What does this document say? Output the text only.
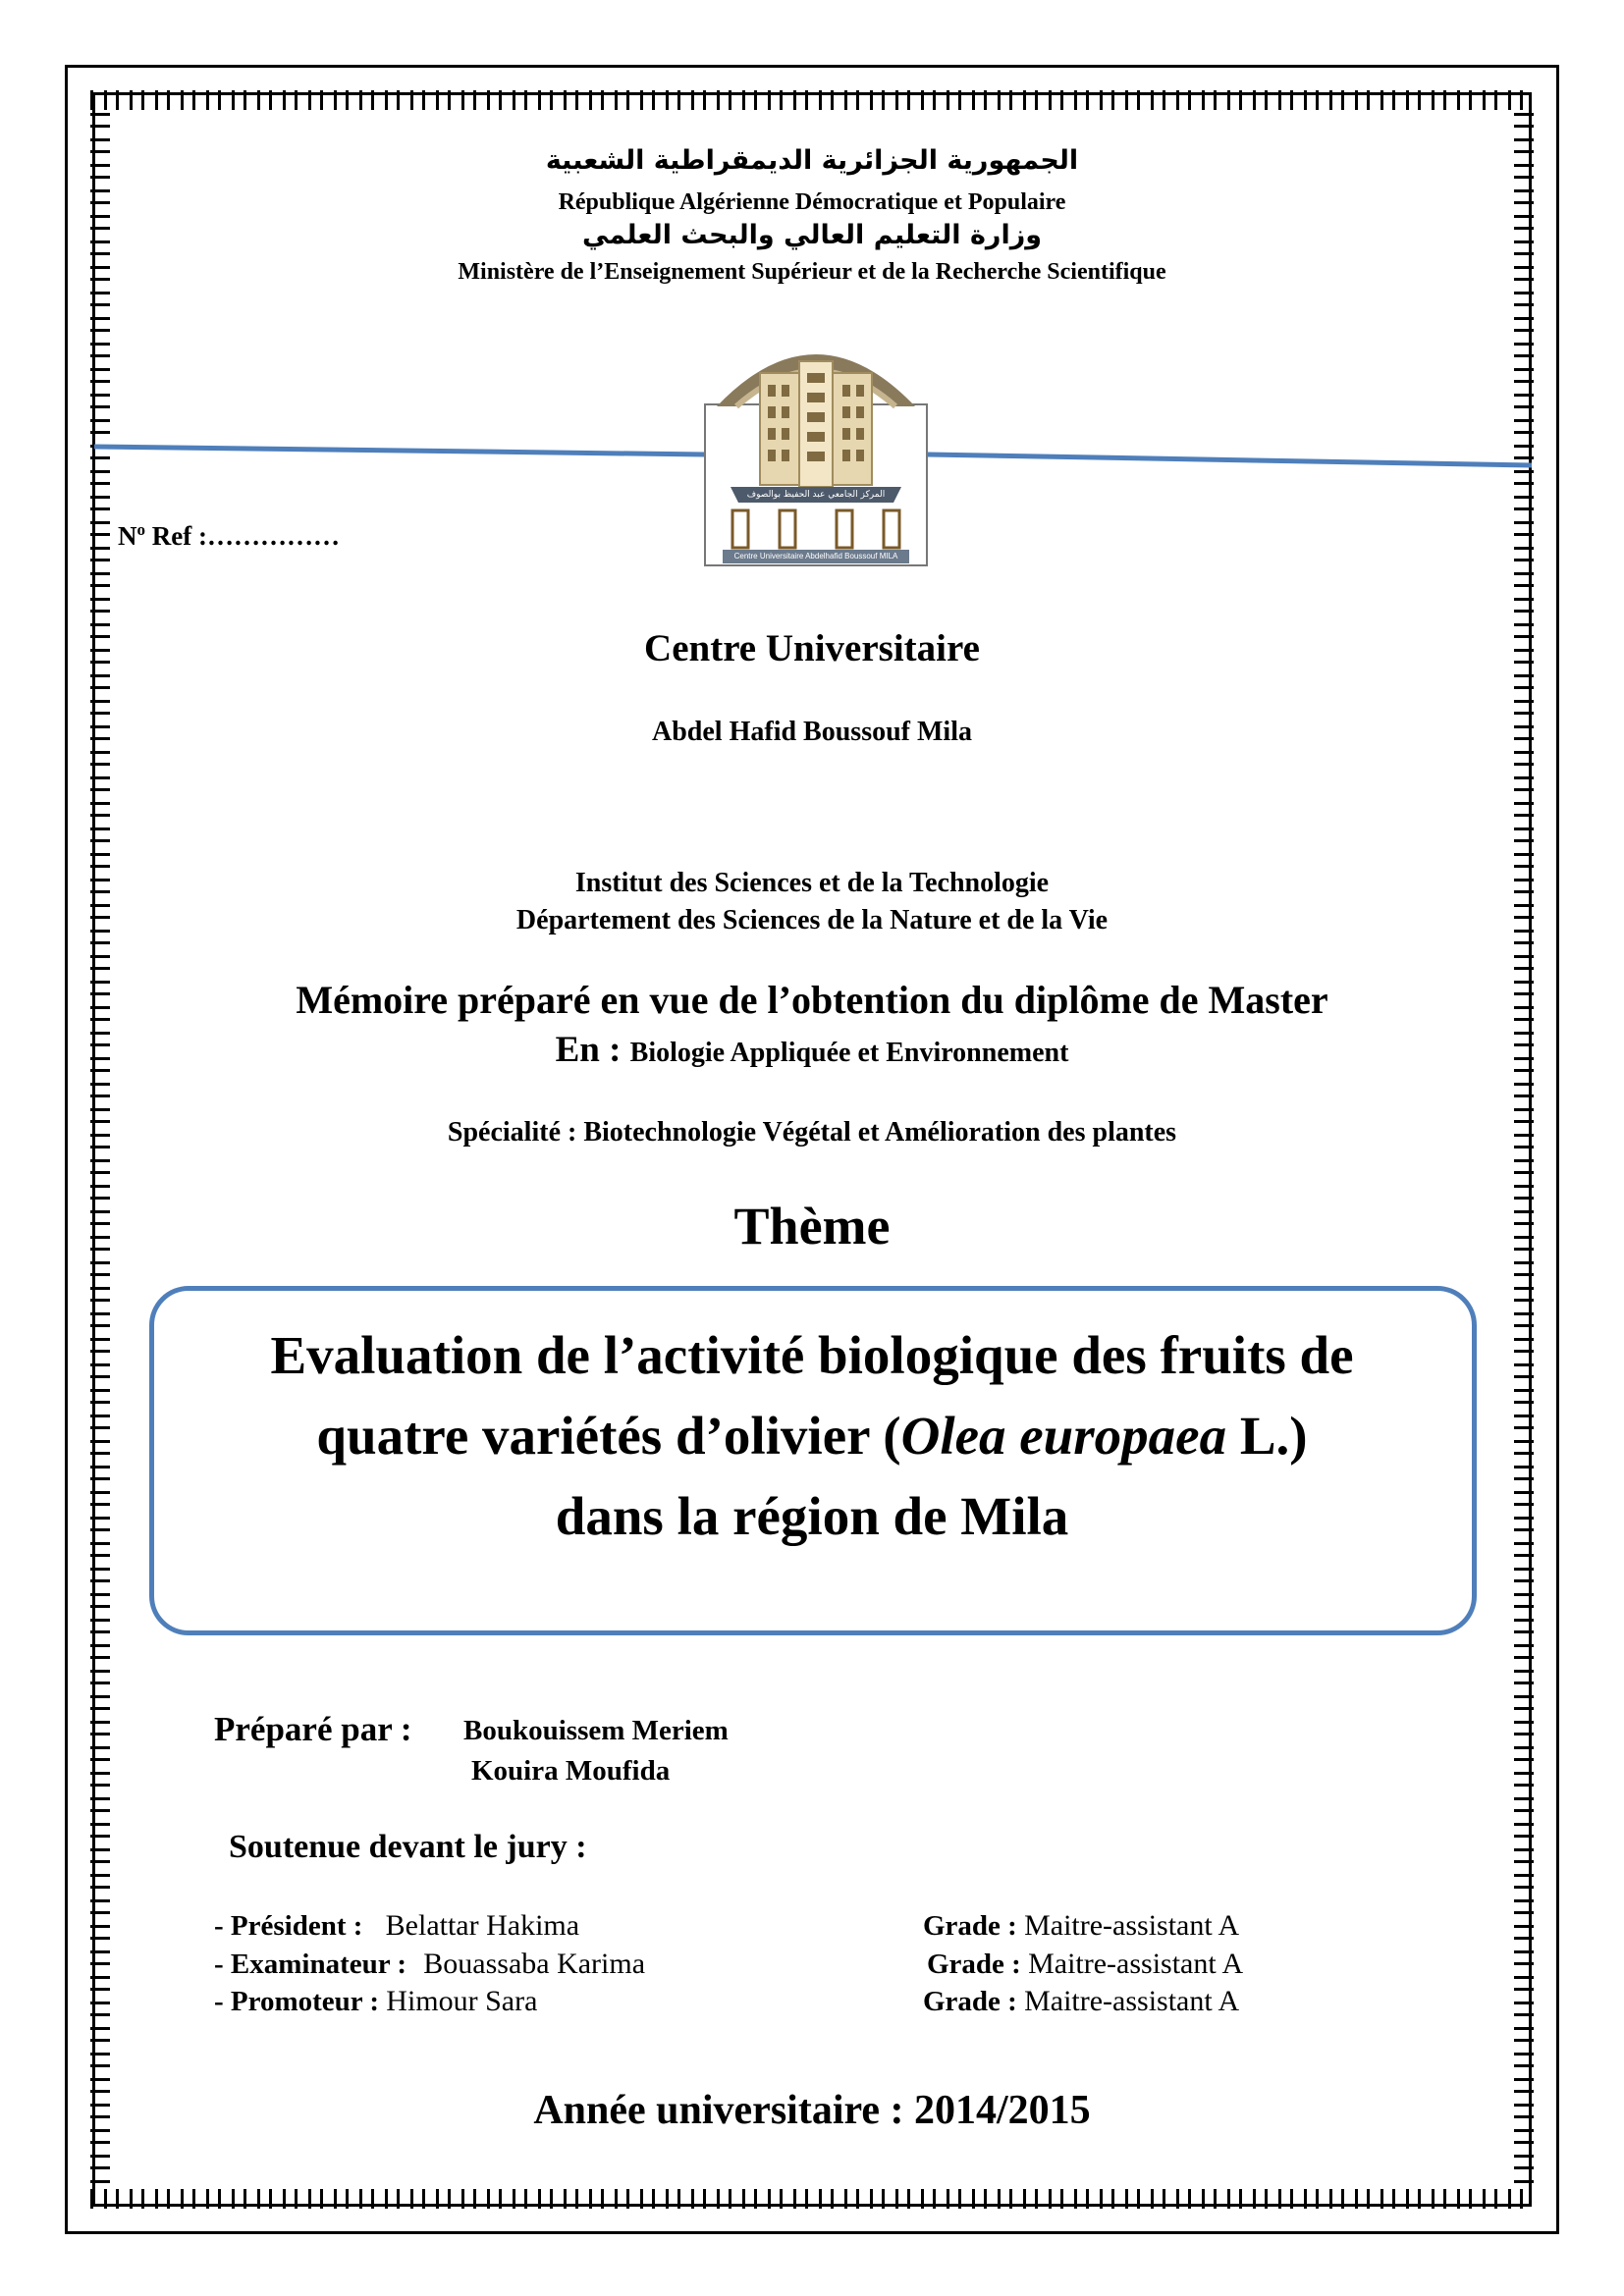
الجمهورية الجزائرية الديمقراطية الشعبية
République Algérienne Démocratique et Populaire
وزارة التعليم العالي والبحث العلمي
Ministère de l’Enseignement Supérieur et de la Recherche Scientifique
المركز الجامعي عبد الحفيظ بوالصوف ميلة
Centre Universitaire Abdelhafid Boussouf MILA
$N^o$ Ref :……………
Centre Universitaire
Abdel Hafid Boussouf Mila
Institut des Sciences et de la Technologie
Département des Sciences de la Nature et de la Vie
Mémoire préparé en vue de l’obtention du diplôme de Master
En : Biologie Appliquée et Environnement
Spécialité : Biotechnologie Végétal et Amélioration des plantes
Thème
Evaluation de l’activité biologique des fruits de
quatre variétés d’olivier (Olea europaea L.)
dans la région de Mila
Préparé par : Boukouissem Meriem
Kouira Moufida
Soutenue devant le jury :
- Président : Belattar Hakima	Grade : Maitre-assistant A
- Examinateur : Bouassaba Karima	Grade : Maitre-assistant A
- Promoteur : Himour Sara	Grade : Maitre-assistant A
Année universitaire : 2014/2015
